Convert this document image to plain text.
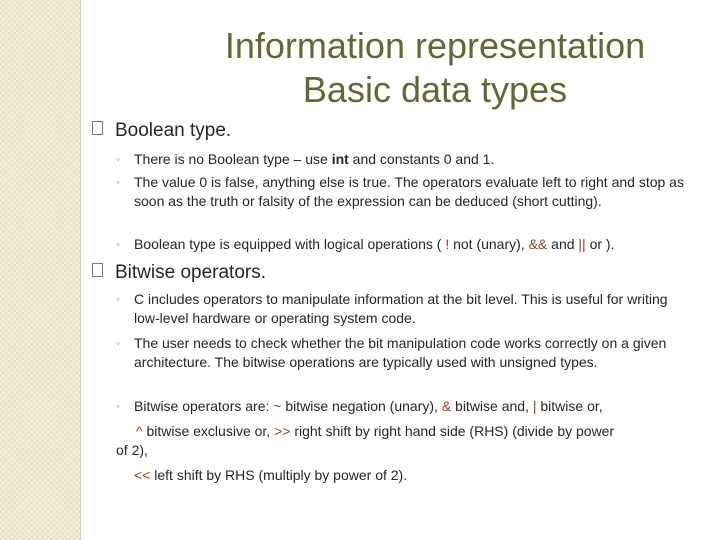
Information representation
Basic data types
Boolean type.
◦ There is no Boolean type – use int and constants 0 and 1.
◦ The value 0 is false, anything else is true. The operators evaluate left to right and stop as soon as the truth or falsity of the expression can be deduced (short cutting).
◦ Boolean type is equipped with logical operations ( ! not (unary), && and || or ).
Bitwise operators.
◦ C includes operators to manipulate information at the bit level. This is useful for writing low-level hardware or operating system code.
◦ The user needs to check whether the bit manipulation code works correctly on a given architecture. The bitwise operations are typically used with unsigned types.
◦ Bitwise operators are: ~ bitwise negation (unary), & bitwise and, | bitwise or,
^ bitwise exclusive or, >> right shift by right hand side (RHS) (divide by power
of 2),
<< left shift by RHS (multiply by power of 2).
